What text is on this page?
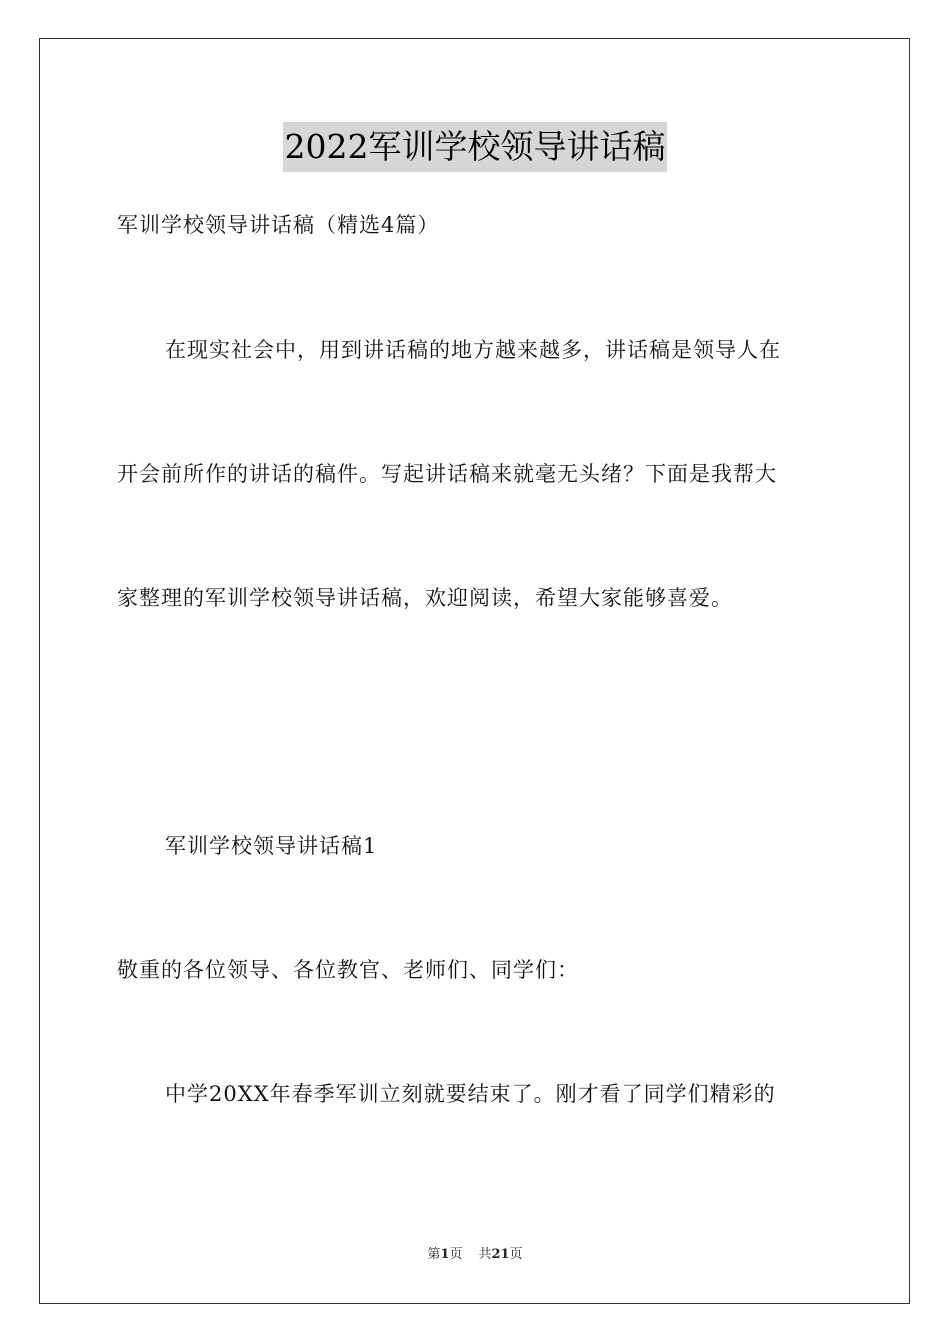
2022军训学校领导讲话稿
军训学校领导讲话稿（精选4篇）
在现实社会中，用到讲话稿的地方越来越多，讲话稿是领导人在
开会前所作的讲话的稿件。写起讲话稿来就毫无头绪？下面是我帮大
家整理的军训学校领导讲话稿，欢迎阅读，希望大家能够喜爱。
军训学校领导讲话稿1
敬重的各位领导、各位教官、老师们、同学们：
中学20XX年春季军训立刻就要结束了。刚才看了同学们精彩的
第1页 共21页
